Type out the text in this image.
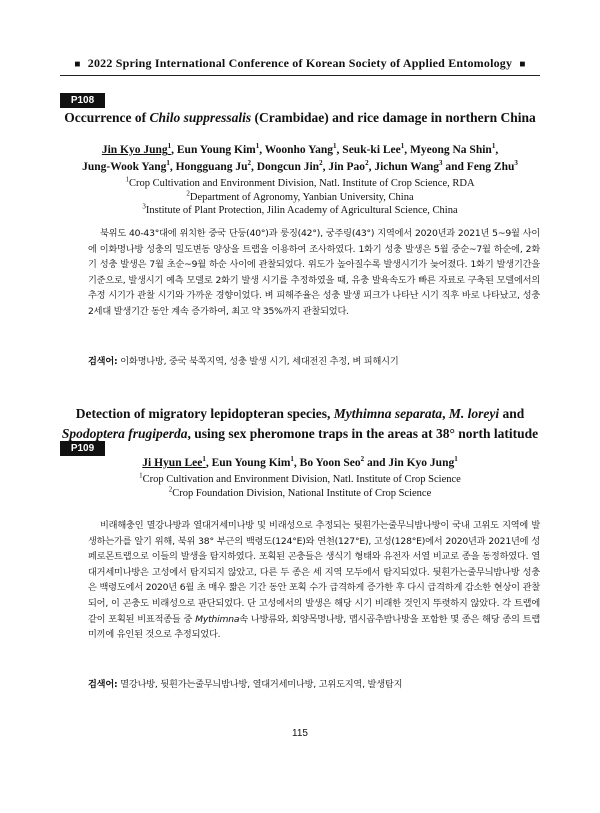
■ 2022 Spring International Conference of Korean Society of Applied Entomology ■
P108
Occurrence of Chilo suppressalis (Crambidae) and rice damage in northern China
Jin Kyo Jung$^1$, Eun Young Kim$^1$, Woonho Yang$^1$, Seuk-ki Lee$^1$, Myeong Na Shin$^1$, Jung-Wook Yang$^1$, Hongguang Ju$^2$, Dongcun Jin$^2$, Jin Pao$^2$, Jichun Wang$^3$ and Feng Zhu$^3$
$^1$Crop Cultivation and Environment Division, Natl. Institute of Crop Science, RDA
$^2$Department of Agronomy, Yanbian University, China
$^3$Institute of Plant Protection, Jilin Academy of Agricultural Science, China
북위도 40-43°대에 위치한 중국 단둥(40°)과 룽징(42°), 궁주링(43°) 지역에서 2020년과 2021년 5~9월 사이에 이화명나방 성충의 밀도변동 양상을 트랩을 이용하여 조사하였다. 1화기 성충 발생은 5월 중순~7월 하순에, 2화기 성충 발생은 7월 초순~9월 하순 사이에 관찰되었다. 위도가 높아질수록 발생시기가 늦어졌다. 1화기 발생기간을 기준으로, 발생시기 예측 모델로 2화기 발생 시기를 추정하였을 때, 유충 발육속도가 빠른 자료로 구축된 모델에서의 추정 시기가 관찰 시기와 가까운 경향이었다. 벼 피해주율은 성충 발생 피크가 나타난 시기 직후 바로 나타났고, 성충 2세대 발생기간 동안 계속 증가하여, 최고 약 35%까지 관찰되었다.
검색어: 이화명나방, 중국 북쪽지역, 성충 발생 시기, 세대전진 추정, 벼 피해시기
P109
Detection of migratory lepidopteran species, Mythimna separata, M. loreyi and Spodoptera frugiperda, using sex pheromone traps in the areas at 38° north latitude
Ji Hyun Lee$^1$, Eun Young Kim$^1$, Bo Yoon Seo$^2$ and Jin Kyo Jung$^1$
$^1$Crop Cultivation and Environment Division, Natl. Institute of Crop Science
$^2$Crop Foundation Division, National Institute of Crop Science
비래해충인 멸강나방과 열대거세미나방 및 비래성으로 추정되는 뒷흰가는줄무늬밤나방이 국내 고위도 지역에 발생하는가를 알기 위해, 북위 38° 부근의 백령도(124°E)와 연천(127°E), 고성(128°E)에서 2020년과 2021년에 성페로몬트랩으로 이들의 발생을 탐지하였다. 포획된 곤충들은 생식기 형태와 유전자 서열 비교로 종을 동정하였다. 열대거세미나방은 고성에서 탐지되지 않았고, 다른 두 종은 세 지역 모두에서 탐지되었다. 뒷흰가는줄무늬밤나방 성충은 백령도에서 2020년 6월 초 매우 짧은 기간 동안 포획 수가 급격하게 증가한 후 다시 급격하게 감소한 현상이 관찰되어, 이 곤충도 비래성으로 판단되었다. 단 고성에서의 발생은 해당 시기 비래한 것인지 뚜렷하지 않았다. 각 트랩에 같이 포획된 비표적종들 중 Mythimna속 나방류와, 회양목명나방, 맵시곱추밤나방을 포함한 몇 종은 해당 종의 트랩 미끼에 유인된 것으로 추정되었다.
검색어: 멸강나방, 뒷흰가는줄무늬밤나방, 열대거세미나방, 고위도지역, 발생탐지
115
